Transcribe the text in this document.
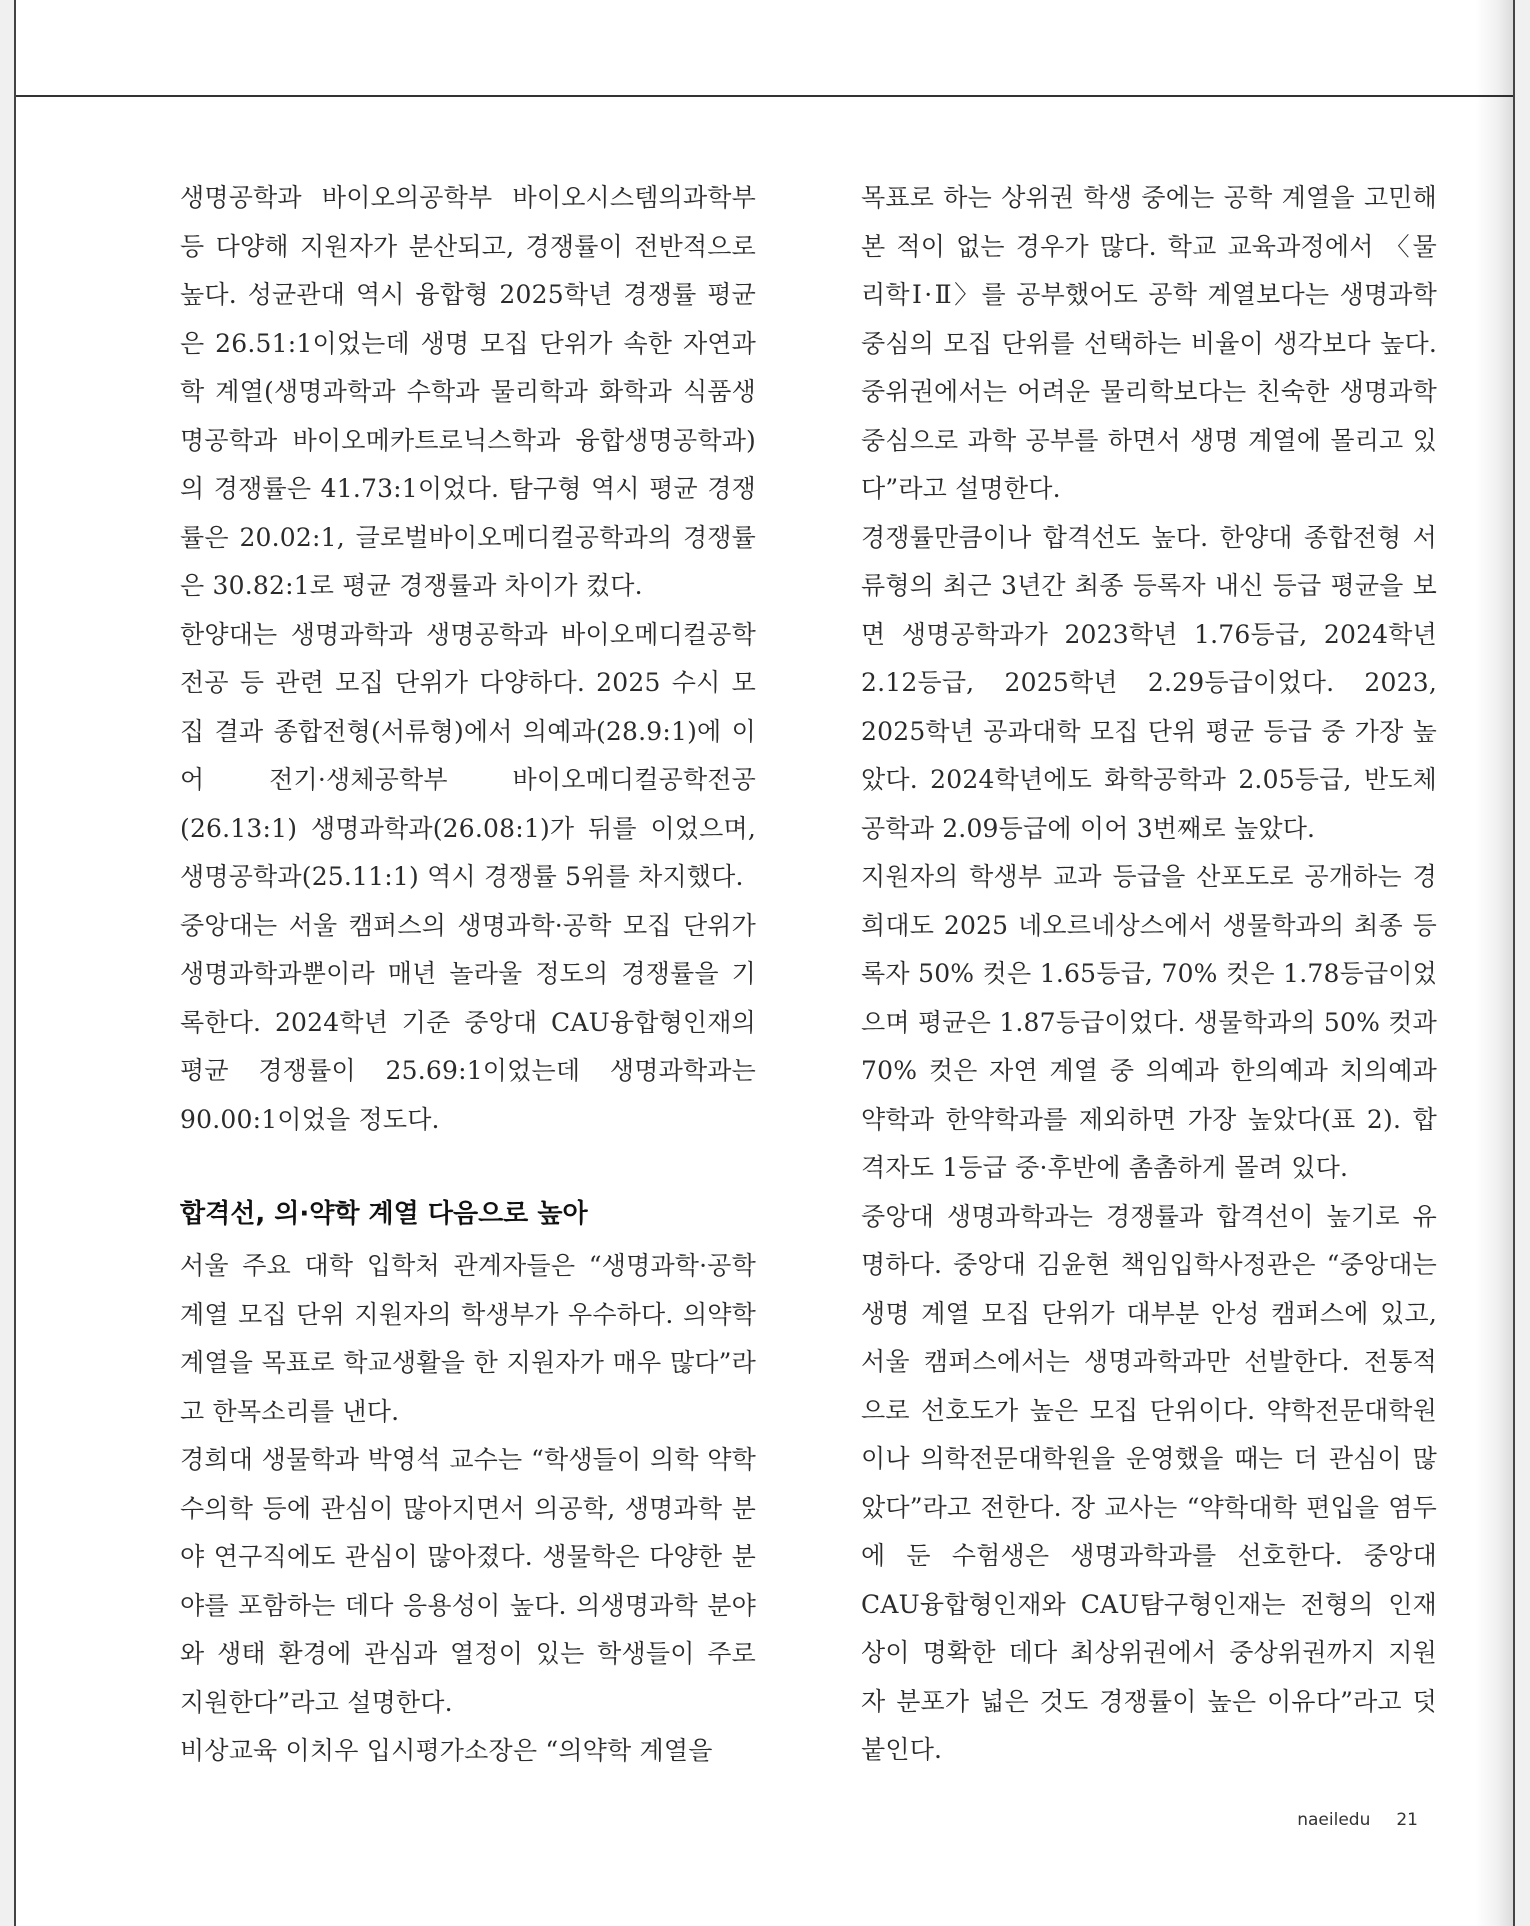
생명공학과 바이오의공학부 바이오시스템의과학부 등 다양해 지원자가 분산되고, 경쟁률이 전반적으로 높다. 성균관대 역시 융합형 2025학년 경쟁률 평균은 26.51:1이었는데 생명 모집 단위가 속한 자연과학 계열(생명과학과 수학과 물리학과 화학과 식품생명공학과 바이오메카트로닉스학과 융합생명공학과)의 경쟁률은 41.73:1이었다. 탐구형 역시 평균 경쟁률은 20.02:1, 글로벌바이오메디컬공학과의 경쟁률은 30.82:1로 평균 경쟁률과 차이가 컸다.

한양대는 생명과학과 생명공학과 바이오메디컬공학 전공 등 관련 모집 단위가 다양하다. 2025 수시 모집 결과 종합전형(서류형)에서 의예과(28.9:1)에 이어 전기·생체공학부 바이오메디컬공학전공(26.13:1) 생명과학과(26.08:1)가 뒤를 이었으며, 생명공학과(25.11:1) 역시 경쟁률 5위를 차지했다.

중앙대는 서울 캠퍼스의 생명과학·공학 모집 단위가 생명과학과뿐이라 매년 놀라울 정도의 경쟁률을 기록한다. 2024학년 기준 중앙대 CAU융합형인재의 평균 경쟁률이 25.69:1이었는데 생명과학과는 90.00:1이었을 정도다.

합격선, 의·약학 계열 다음으로 높아

서울 주요 대학 입학처 관계자들은 “생명과학·공학 계열 모집 단위 지원자의 학생부가 우수하다. 의약학 계열을 목표로 학교생활을 한 지원자가 매우 많다”라고 한목소리를 낸다.

경희대 생물학과 박영석 교수는 “학생들이 의학 약학 수의학 등에 관심이 많아지면서 의공학, 생명과학 분야 연구직에도 관심이 많아졌다. 생물학은 다양한 분야를 포함하는 데다 응용성이 높다. 의생명과학 분야와 생태 환경에 관심과 열정이 있는 학생들이 주로 지원한다”라고 설명한다.

비상교육 이치우 입시평가소장은 “의약학 계열을

목표로 하는 상위권 학생 중에는 공학 계열을 고민해본 적이 없는 경우가 많다. 학교 교육과정에서 〈물리학Ⅰ·Ⅱ〉를 공부했어도 공학 계열보다는 생명과학 중심의 모집 단위를 선택하는 비율이 생각보다 높다. 중위권에서는 어려운 물리학보다는 친숙한 생명과학 중심으로 과학 공부를 하면서 생명 계열에 몰리고 있다”라고 설명한다.

경쟁률만큼이나 합격선도 높다. 한양대 종합전형 서류형의 최근 3년간 최종 등록자 내신 등급 평균을 보면 생명공학과가 2023학년 1.76등급, 2024학년 2.12등급, 2025학년 2.29등급이었다. 2023, 2025학년 공과대학 모집 단위 평균 등급 중 가장 높았다. 2024학년에도 화학공학과 2.05등급, 반도체공학과 2.09등급에 이어 3번째로 높았다.

지원자의 학생부 교과 등급을 산포도로 공개하는 경희대도 2025 네오르네상스에서 생물학과의 최종 등록자 50% 컷은 1.65등급, 70% 컷은 1.78등급이었으며 평균은 1.87등급이었다. 생물학과의 50% 컷과 70% 컷은 자연 계열 중 의예과 한의예과 치의예과 약학과 한약학과를 제외하면 가장 높았다(표 2). 합격자도 1등급 중·후반에 촘촘하게 몰려 있다.

중앙대 생명과학과는 경쟁률과 합격선이 높기로 유명하다. 중앙대 김윤현 책임입학사정관은 “중앙대는 생명 계열 모집 단위가 대부분 안성 캠퍼스에 있고, 서울 캠퍼스에서는 생명과학과만 선발한다. 전통적으로 선호도가 높은 모집 단위이다. 약학전문대학원이나 의학전문대학원을 운영했을 때는 더 관심이 많았다”라고 전한다. 장 교사는 “약학대학 편입을 염두에 둔 수험생은 생명과학과를 선호한다. 중앙대 CAU융합형인재와 CAU탐구형인재는 전형의 인재상이 명확한 데다 최상위권에서 중상위권까지 지원자 분포가 넓은 것도 경쟁률이 높은 이유다”라고 덧붙인다.

naeiledu 21
